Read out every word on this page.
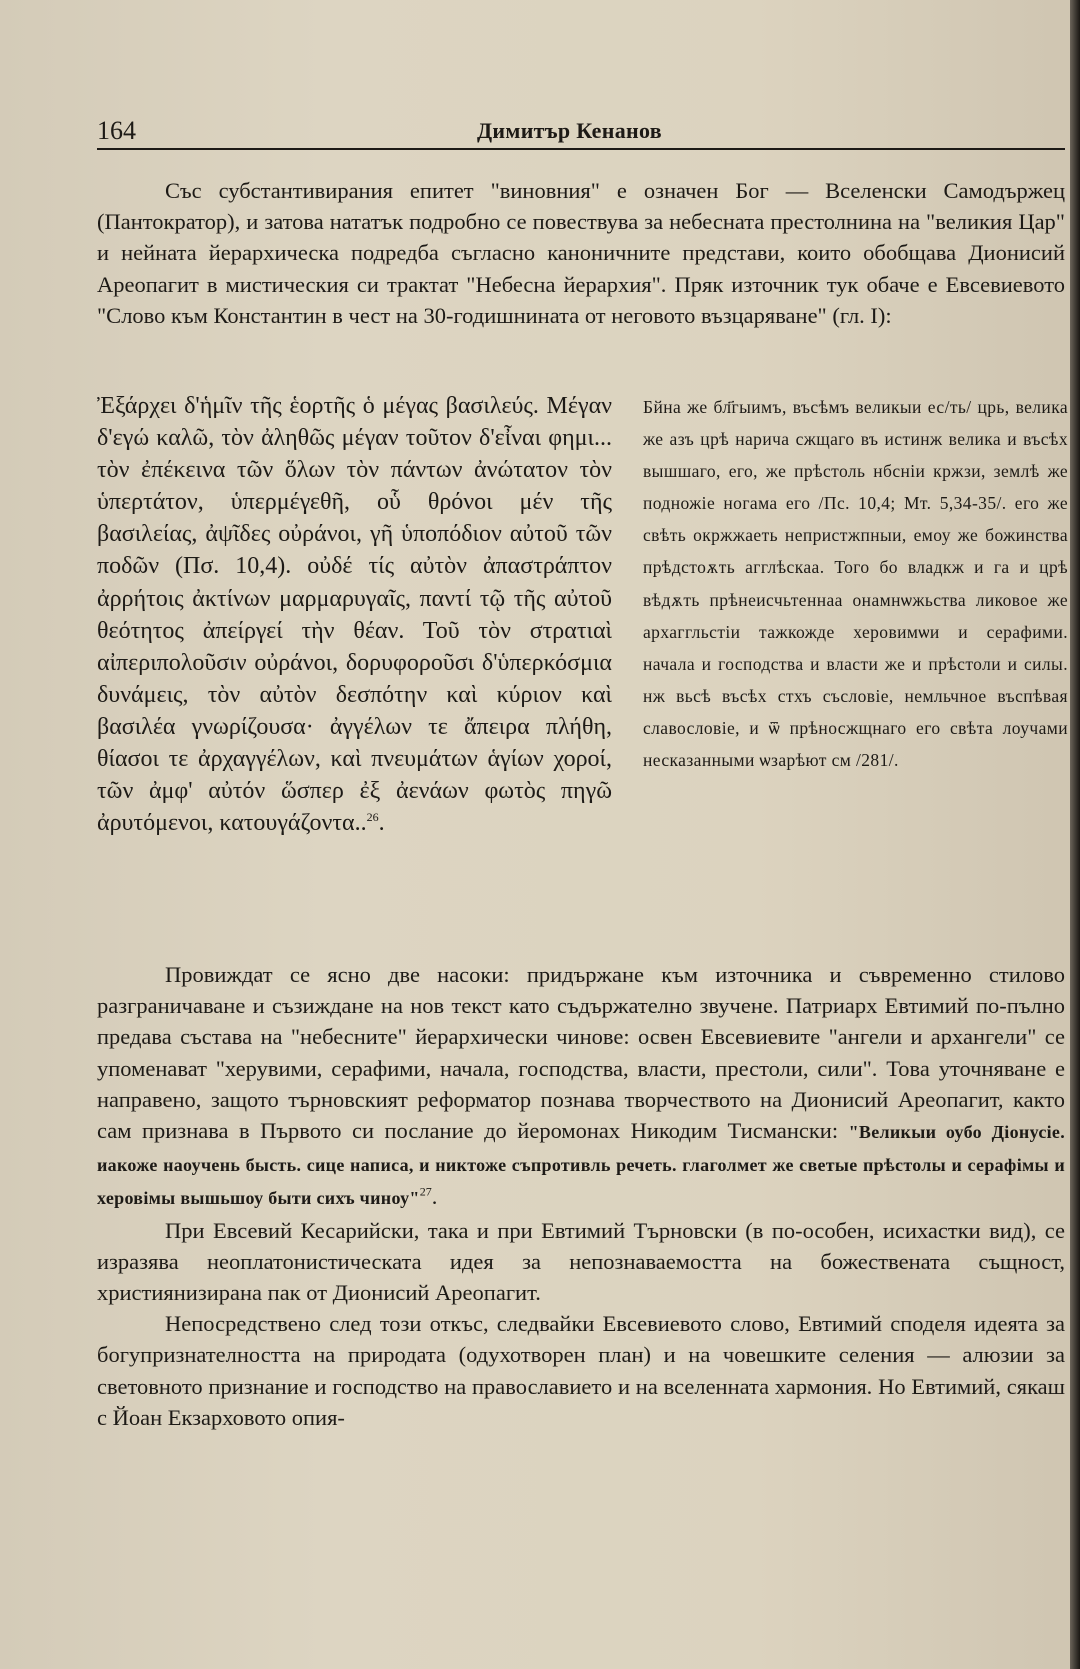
164	Димитър Кенанов

Със субстантивирания епитет "виновния" е означен Бог — Вселенски Самодържец (Пантократор), и затова нататък подробно се повествува за небесната престолнина на "великия Цар" и нейната йерархическа подредба съгласно каноничните представи, които обобщава Дионисий Ареопагит в мистическия си трактат "Небесна йерархия". Пряк източник тук обаче е Евсевиевото "Слово към Константин в чест на 30-годишнината от неговото възцаряване" (гл. I):

Ἐξάρχει δ'ἡμῖν τῆς ἑορτῆς ὁ μέγας βασιλεύς. Μέγαν δ'εγώ καλῶ, τὸν ἀληθῶς μέγαν τοῦτον δ'εἶναι φημι... τὸν ἐπέκεινα τῶν ὅλων τὸν πάντων ἀνώτατον τὸν ὑπερτάτον, ὑπερμέγεθῆ, οὗ θρόνοι μέν τῆς βασιλείας, ἀψῖδες οὐράνοι, γῆ ὑποπόδιον αὐτοῦ τῶν ποδῶν (Пσ. 10,4). οὐδέ τίς αὐτὸν ἀπαστράπτον ἀρρήτοις ἀκτίνων μαρμαρυγαῖς, παντί τῷ τῆς αὐτοῦ θεότητος ἀπείργεί τὴν θέαν. Τοῦ τὸν στρατιαὶ αἰπεριπολοῦσιν οὐράνοι, δορυφοροῦσι δ'ὑπερκόσμια δυνάμεις, τὸν αὐτὸν δεσπότην καὶ κύριον καὶ βασιλέα γνωρίζουσα· ἀγγέλων τε ἄπειρα πλήθη, θίασοι τε ἀρχαγγέλων, καὶ πνευμάτων ἁγίων χοροί, τῶν ἀμφ' αὐτόν ὥσπερ ἐξ ἀενάων φωτὸς πηγῶ ἀρυτόμενοι, κατουγάζοντα..$^{26}$.
Бйна же бл҃гыимъ, въсѣмъ великыи ес/ть/ црь, велика же азъ црѣ нарича сжщаго въ истинж велика и въсѣх вышшаго, его, же прѣстоль нбсніи кржзи, землѣ же подножіе ногама его /Пс. 10,4; Мт. 5,34-35/. его же свѣть окржжаеть непристжпныи, емоу же божинства прѣдстоѫть агглѣскаа. Того бо владкж и га и црѣ вѣдѫть прѣнеисчьтеннаа онамнѡжьства ликовое же архаггльстіи тажкожде херовимѡи и серафими. начала и господства и власти же и прѣстоли и силы. нж вьсѣ въсѣх стхъ съсловіе, немльчное въспѣвая славословіе, и ѿ прѣносжщнаго его свѣта лоучами несказанными ѡзарѣют см /281/.

Провиждат се ясно две насоки: придържане към източника и съвременно стилово разграничаване и съзиждане на нов текст като съдържателно звучене. Патриарх Евтимий по-пълно предава състава на "небесните" йерархически чинове: освен Евсевиевите "ангели и архангели" се упоменават "херувими, серафими, начала, господства, власти, престоли, сили". Това уточняване е направено, защото търновският реформатор познава творчеството на Дионисий Ареопагит, както сам признава в Първото си послание до йеромонах Никодим Тисмански: "Великыи оубо Діонусіе. иакоже наоучень бысть. сице написа, и никтоже съпротивль речеть. глаголмет же светые прѣстолы и серафімы и херовімы вышьшоу быти сихъ чиноу"$^{27}$.

При Евсевий Кесарийски, така и при Евтимий Търновски (в по-особен, исихастки вид), се изразява неоплатонистическата идея за непознаваемостта на божествената същност, християнизирана пак от Дионисий Ареопагит.

Непосредствено след този откъс, следвайки Евсевиевото слово, Евтимий споделя идеята за богупризнателността на природата (одухотворен план) и на човешките селения — алюзии за световното признание и господство на православието и на вселенната хармония. Но Евтимий, сякаш с Йоан Екзарховото опия-
